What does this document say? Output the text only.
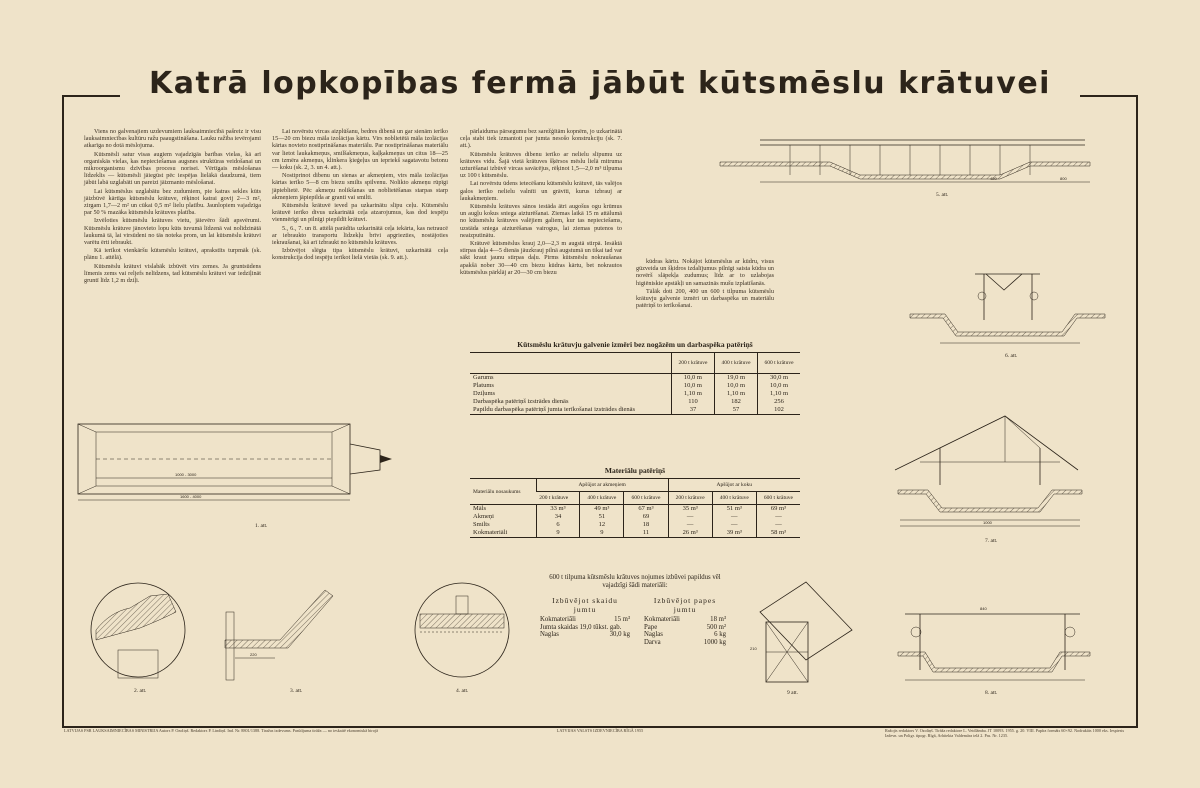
Katrā lopkopības fermā jābūt kūtsmēslu krātuvei

Viens no galvenajiem uzdevumiem lauksaimniecībā pašreiz ir visu lauksaimniecības kultūru ražu paaugstināšana. Lauku ražība ievērojami atkarīga no dotā mēslojuma.

Kūtsmēsli satur visas augiem vajadzīgās barības vielas, kā arī organiskās vielas, kas nepieciešamas augsnes struktūras veidošanai un mikroorganismu dzīvības procesu norisei. Vērtīgais mēslošanas līdzeklis — kūtsmēsli jāiegūst pēc iespējas lielākā daudzumā, tiem jābūt labā uzglabāti un pareizi jāizmanto mēslošanai.

Lai kūtsmēslus uzglabātu bez zudumiem, pie katras sekles kūts jāizbūvē kārtīga kūtsmēslu krātuve, rēķinot katrai govij 2—3 m², zirgam 1,7—2 m² un cūkai 0,5 m² lielu platību. Jaunlopiem vajadzīga par 50 % mazāka kūtsmēslu krātuves platība.

Izvēloties kūtsmēslu krātuves vietu, jāievēro šādi apsvērumi. Kūtsmēslu krātuve jānovieto lopu kūts tuvumā līdzenā vai nolīdzinātā laukumā tā, lai virsūdeni no tās noteka prom, un lai kūtsmēslu krātuvi varētu ērti iebraukt.

Kā ierīkot vienkāršu kūtsmēslu krātuvi, aprakstīts turpmāk (sk. plānu 1. attēlā).

Kūtsmēslu krātuvi vislabāk izbūvēt virs zemes. Ja gruntsūdens līmenis zems vai reljefs nelīdzens, tad kūtsmēslu krātuvi var iedziļināt gruntī līdz 1,2 m dziļi.

Lai novērstu vircas aizplūšanu, bedres dibenā un gar sienām ierīko 15—20 cm biezu māla izolācijas kārtu. Virs noblietētā māla izolācijas kārtas novieto nostiprināšanas materiālu. Par nostiprināšanas materiālu var lietot laukakmeņus, smilšakmeņus, kaļķakmeņus un citus 18—25 cm izmēra akmeņus, klinkera ķieģeļus un iepriekš sagatavotu betonu — koku (sk. 2, 3. un 4. att.).

Nostiprinot dibenu un sienas ar akmeņiem, virs māla izolācijas kārtas ierīko 5—8 cm biezu smilts spilvenu. Nolikto akmeņu rūpīgi jāpieblietē. Pēc akmeņu nolikšanas un noblietēšanas starpas starp akmeņiem jāpiepilda ar granti vai smilti.

Kūtsmēslu krātuvē ieved pa uzkarinātu slīpu ceļu. Kūtsmēslu krātuvē ierīko divus uzkarinātā ceļa atzarojumus, kas dod iespēju vienmērīgi un pilnīgi piepildīt krātuvi.

5., 6., 7. un 8. attēlā parādīta uzkarinātā ceļa iekārta, kas netraucē ar iebraukto transportu līdzekļu brīvi apgriezties, nostājoties iekraušanai, kā arī izbraukt no kūtsmēslu krātuves.

Izbūvējot slēgta tipa kūtsmēslu krātuvi, uzkarinātā ceļa konstrukcija dod iespēju ierīkot lielā vietās (sk. 9. att.).

pārlaiduma pārsegumu bez sarežģītām kopnēm, jo uzkarinātā ceļa stabi tiek izmantoti par jumta nesošo konstrukciju (sk. 7. att.).

Kūtsmēslu krātuves dibenu ierīko ar nelielu slīpumu uz krātuves vidu. Šajā vietā krātuves šķērsos mēslu lielā mitruma uzturēšanai izbūvē vircas savācējus, rēķinot 1,5—2,0 m³ tilpuma uz 100 t kūtsmēslu.

Lai novērstu ūdens ietecēšanu kūtsmēslu krātuvē, tās valējos galos ierīko nelielu valnīti un grāvīti, kurus izbrauj ar laukakmeņiem.

Kūtsmēslu krātuves sānos iestāda ātri augošus ogu krūmus un augļu kokus sniega aizturēšanai. Ziemas laikā 15 m attālumā no kūtsmēslu krātuves valējiem galiem, kur tas nepieciešams, uzstāda sniega aizturēšanas vairogus, lai ziemas putenos to neaizputinātu.

Krātuvē kūtsmēslus krauj 2,0—2,3 m augstā stirpā. Iesāktā stirpas daļa 4—5 dienās jāuzkrauj pilnā augstumā un tikai tad var sākt kraut jaunu stirpas daļu. Pirms kūtsmēslu nokraušanas apakšā nober 30—40 cm biezu kūdras kārtu, bet nokrautos kūtsmēslus pārklāj ar 20—30 cm biezu

kūdras kārtu. Nokājot kūtsmēslus ar kūdru, visus gūzveida un šķidros izdalījumus pilnīgi saista kūdra un novērš slāpekļa zudumus; līdz ar to uzlabojas higiēniskie apstākļi un samazinās mušu izplatīšanās.

Tālāk doti 200, 400 un 600 t tilpuma kūtsmēslu krātuvju galvenie izmēri un darbaspēka un materiālu patēriņš to ierīkošanai.

Kūtsmēslu krātuvju galvenie izmēri bez nogāzēm un darbaspēka patēriņš
	200 t krātuve	400 t krātuve	600 t krātuve
Garums	10,0 m	19,0 m	30,0 m
Platums	10,0 m	10,0 m	10,0 m
Dziļums	1,10 m	1,10 m	1,10 m
Darbaspēka patēriņš izstrādes dienās	110	182	256
Papildu darbaspēka patēriņš jumta ierīkošanai izstrādes dienās	37	57	102
Materiālu patēriņš
Materiālu nosaukums	Apšūjot ar akmeņiem			Apšūjot ar koku		
	200 t krātuve	400 t krātuve	600 t krātuve	200 t krātuve	400 t krātuve	600 t krātuve
Māls	33 m³	49 m³	67 m³	35 m³	51 m³	69 m³
Akmeņi	34	51	69	—	—	—
Smilts	6	12	18	—	—	—
Kokmateriāli	9	9	11	26 m³	39 m³	58 m³
600 t tilpuma kūtsmēslu krātuves nojumes izbūvei papildus vēl vajadzīgi šādi materiāli:
Izbūvējot skaidu jumtu
Kokmateriāli	15 m³
Jumta skaidas 19,0 tūkst. gab.
Naglas	30,0 kg
Izbūvējot papes jumtu
Kokmateriāli	18 m³
Pape	500 m²
Naglas	6 kg
Darva	1000 kg
1000 - 3000
1600 - 4000
1. att.
2. att.
220
3. att.	4. att.
420	800
5. att.
6. att.
1000
7. att.
840
8. att.
210
9 att.
LATVIJAS PSR LAUKSAIMNIECĪBAS MINISTRIJA Autors P. Ozoliņš. Redaktors P. Lindiņš. Ind. Nr. 8801/1388. Tiražas izdevums. Pasūtījuma tirāža — no ieskaitē ekonomiskā birojā	LATVIJAS VALSTS IZDEVNIECĪBA RĪGĀ 1955	Ražojis redaktors V. Ozoliņš. Tirāža redaktore L. Veidlāmba. JT 10093. 1955. g. 20. VIII. Papīra formāts 60×92. Nodrukāts 1000 eks. Iespiests Izdevn. un Poligr. tipogr. Rīgā, Arhitekta Valdemāra ielā 2. Pas. Nr. 1235.
